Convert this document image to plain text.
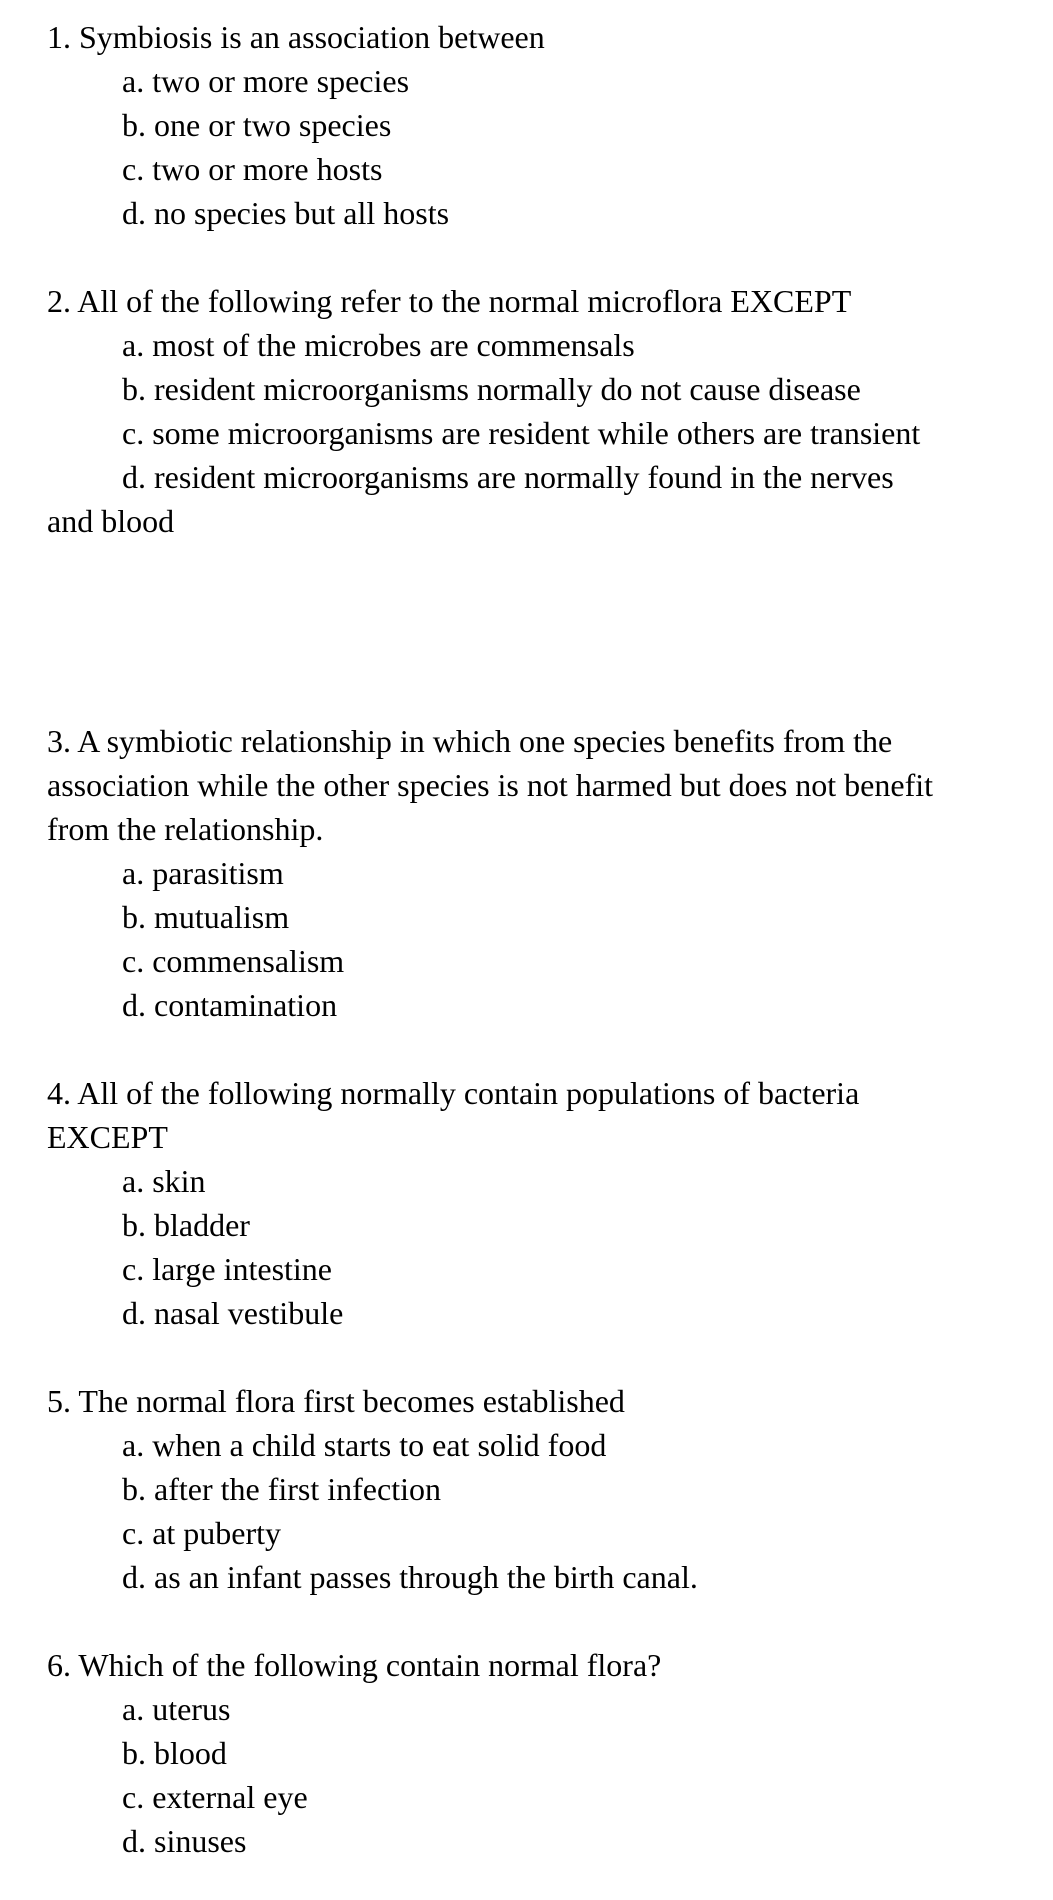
1. Symbiosis is an association between
a. two or more species
b. one or two species
c. two or more hosts
d. no species but all hosts
2. All of the following refer to the normal microflora EXCEPT
a. most of the microbes are commensals
b. resident microorganisms normally do not cause disease
c. some microorganisms are resident while others are transient
d. resident microorganisms are normally found in the nerves and blood
3. A symbiotic relationship in which one species benefits from the association while the other species is not harmed but does not benefit from the relationship.
a. parasitism
b. mutualism
c. commensalism
d. contamination
4. All of the following normally contain populations of bacteria EXCEPT
a. skin
b. bladder
c. large intestine
d. nasal vestibule
5. The normal flora first becomes established
a. when a child starts to eat solid food
b. after the first infection
c. at puberty
d. as an infant passes through the birth canal.
6. Which of the following contain normal flora?
a. uterus
b. blood
c. external eye
d. sinuses
